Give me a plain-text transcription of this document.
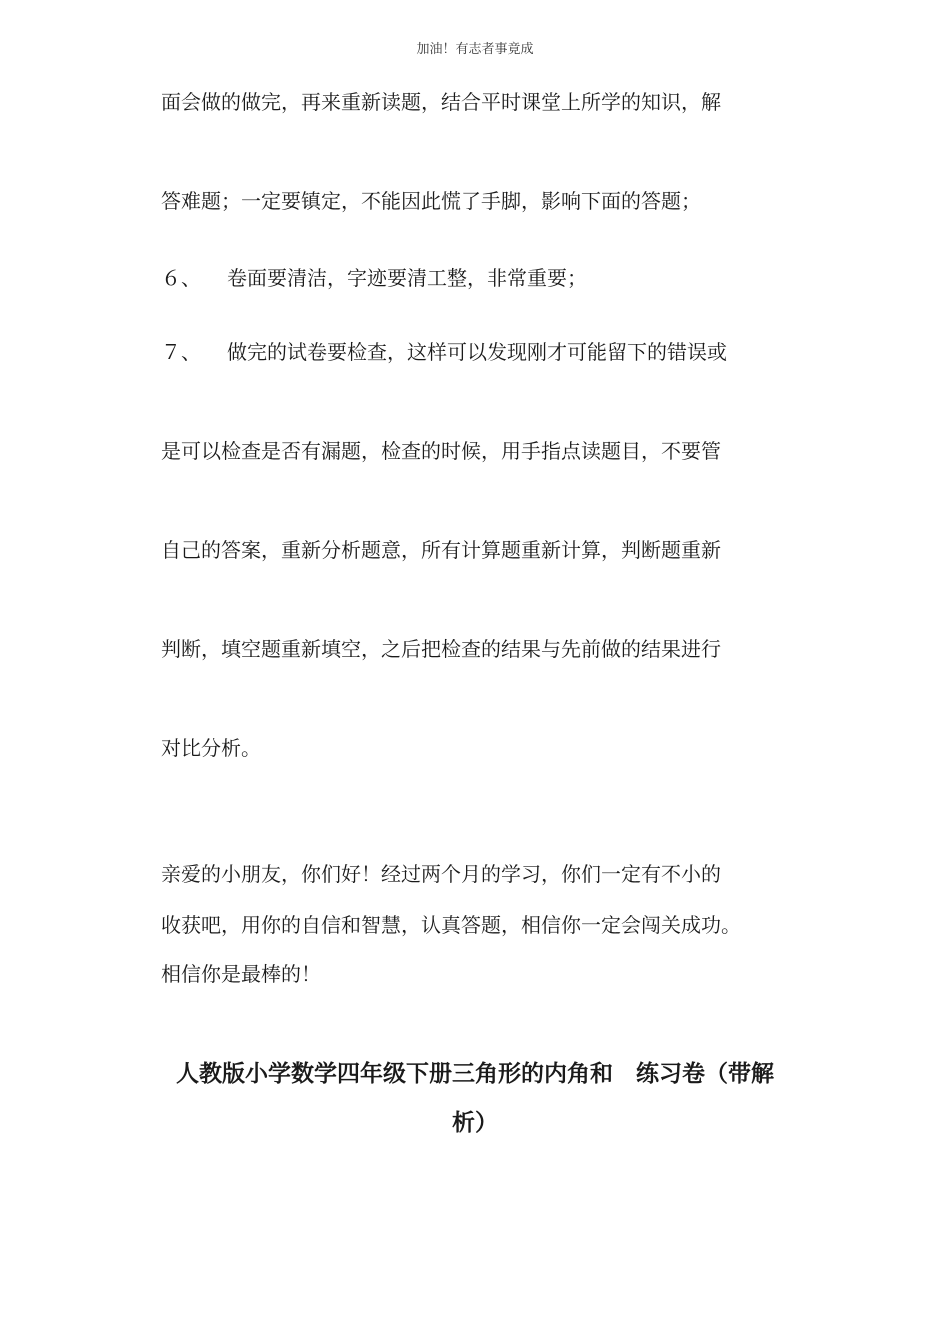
加油！有志者事竟成
面会做的做完，再来重新读题，结合平时课堂上所学的知识，解
答难题；一定要镇定，不能因此慌了手脚，影响下面的答题；
６、 卷面要清洁，字迹要清工整，非常重要；
７、 做完的试卷要检查，这样可以发现刚才可能留下的错误或
是可以检查是否有漏题，检查的时候，用手指点读题目，不要管
自己的答案，重新分析题意，所有计算题重新计算，判断题重新
判断，填空题重新填空，之后把检查的结果与先前做的结果进行
对比分析。
亲爱的小朋友，你们好！经过两个月的学习，你们一定有不小的
收获吧，用你的自信和智慧，认真答题，相信你一定会闯关成功。
相信你是最棒的！
人教版小学数学四年级下册三角形的内角和　练习卷（带解
析）
